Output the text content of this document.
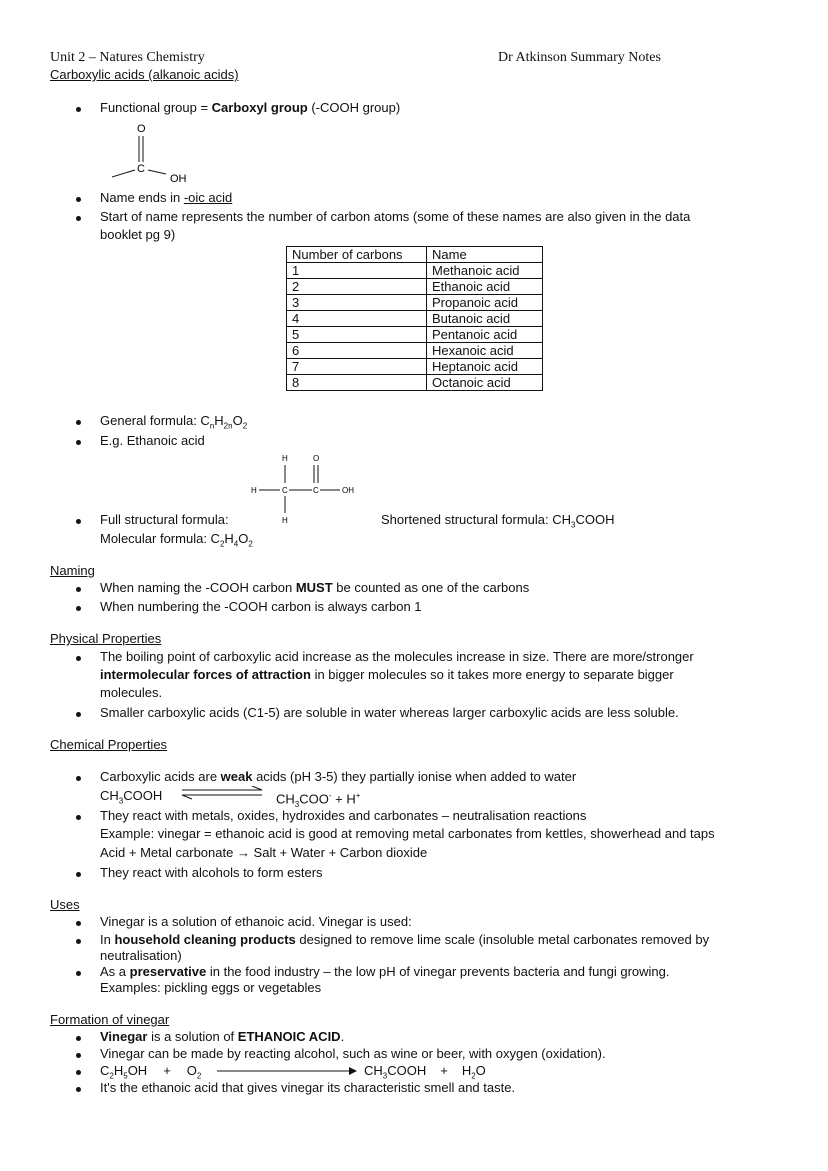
Unit 2 – Natures Chemistry	Dr Atkinson Summary Notes
Carboxylic acids (alkanoic acids)
Functional group = Carboxyl group (-COOH group)
O
C
OH
Name ends in -oic acid
Start of name represents the number of carbon atoms (some of these names are also given in the data
booklet pg 9)
Number of carbons	Name
1	Methanoic acid
2	Ethanoic acid
3	Propanoic acid
4	Butanoic acid
5	Pentanoic acid
6	Hexanoic acid
7	Heptanoic acid
8	Octanoic acid
General formula: $C_nH_{2n}O_2$
E.g. Ethanoic acid
H	O
H	C	C	OH
H
Full structural formula:
Molecular formula: $C_2H_4O_2$
Shortened structural formula: $CH_3COOH$
Naming
When naming the -COOH carbon MUST be counted as one of the carbons
When numbering the -COOH carbon is always carbon 1
Physical Properties
The boiling point of carboxylic acid increase as the molecules increase in size. There are more/stronger
intermolecular forces of attraction in bigger molecules so it takes more energy to separate bigger
molecules.
Smaller carboxylic acids (C1-5) are soluble in water whereas larger carboxylic acids are less soluble.
Chemical Properties
Carboxylic acids are weak acids (pH 3-5) they partially ionise when added to water
$CH_3COOH$	$CH_3COO^- + H^+$
They react with metals, oxides, hydroxides and carbonates – neutralisation reactions
Example: vinegar = ethanoic acid is good at removing metal carbonates from kettles, showerhead and taps
Acid + Metal carbonate → Salt + Water + Carbon dioxide
They react with alcohols to form esters
Uses
Vinegar is a solution of ethanoic acid. Vinegar is used:
In household cleaning products designed to remove lime scale (insoluble metal carbonates removed by
neutralisation)
As a preservative in the food industry – the low pH of vinegar prevents bacteria and fungi growing.
Examples: pickling eggs or vegetables
Formation of vinegar
Vinegar is a solution of ETHANOIC ACID.
Vinegar can be made by reacting alcohol, such as wine or beer, with oxygen (oxidation).
$C_2H_5OH + O_2$	$CH_3COOH + H_2O$
It's the ethanoic acid that gives vinegar its characteristic smell and taste.
